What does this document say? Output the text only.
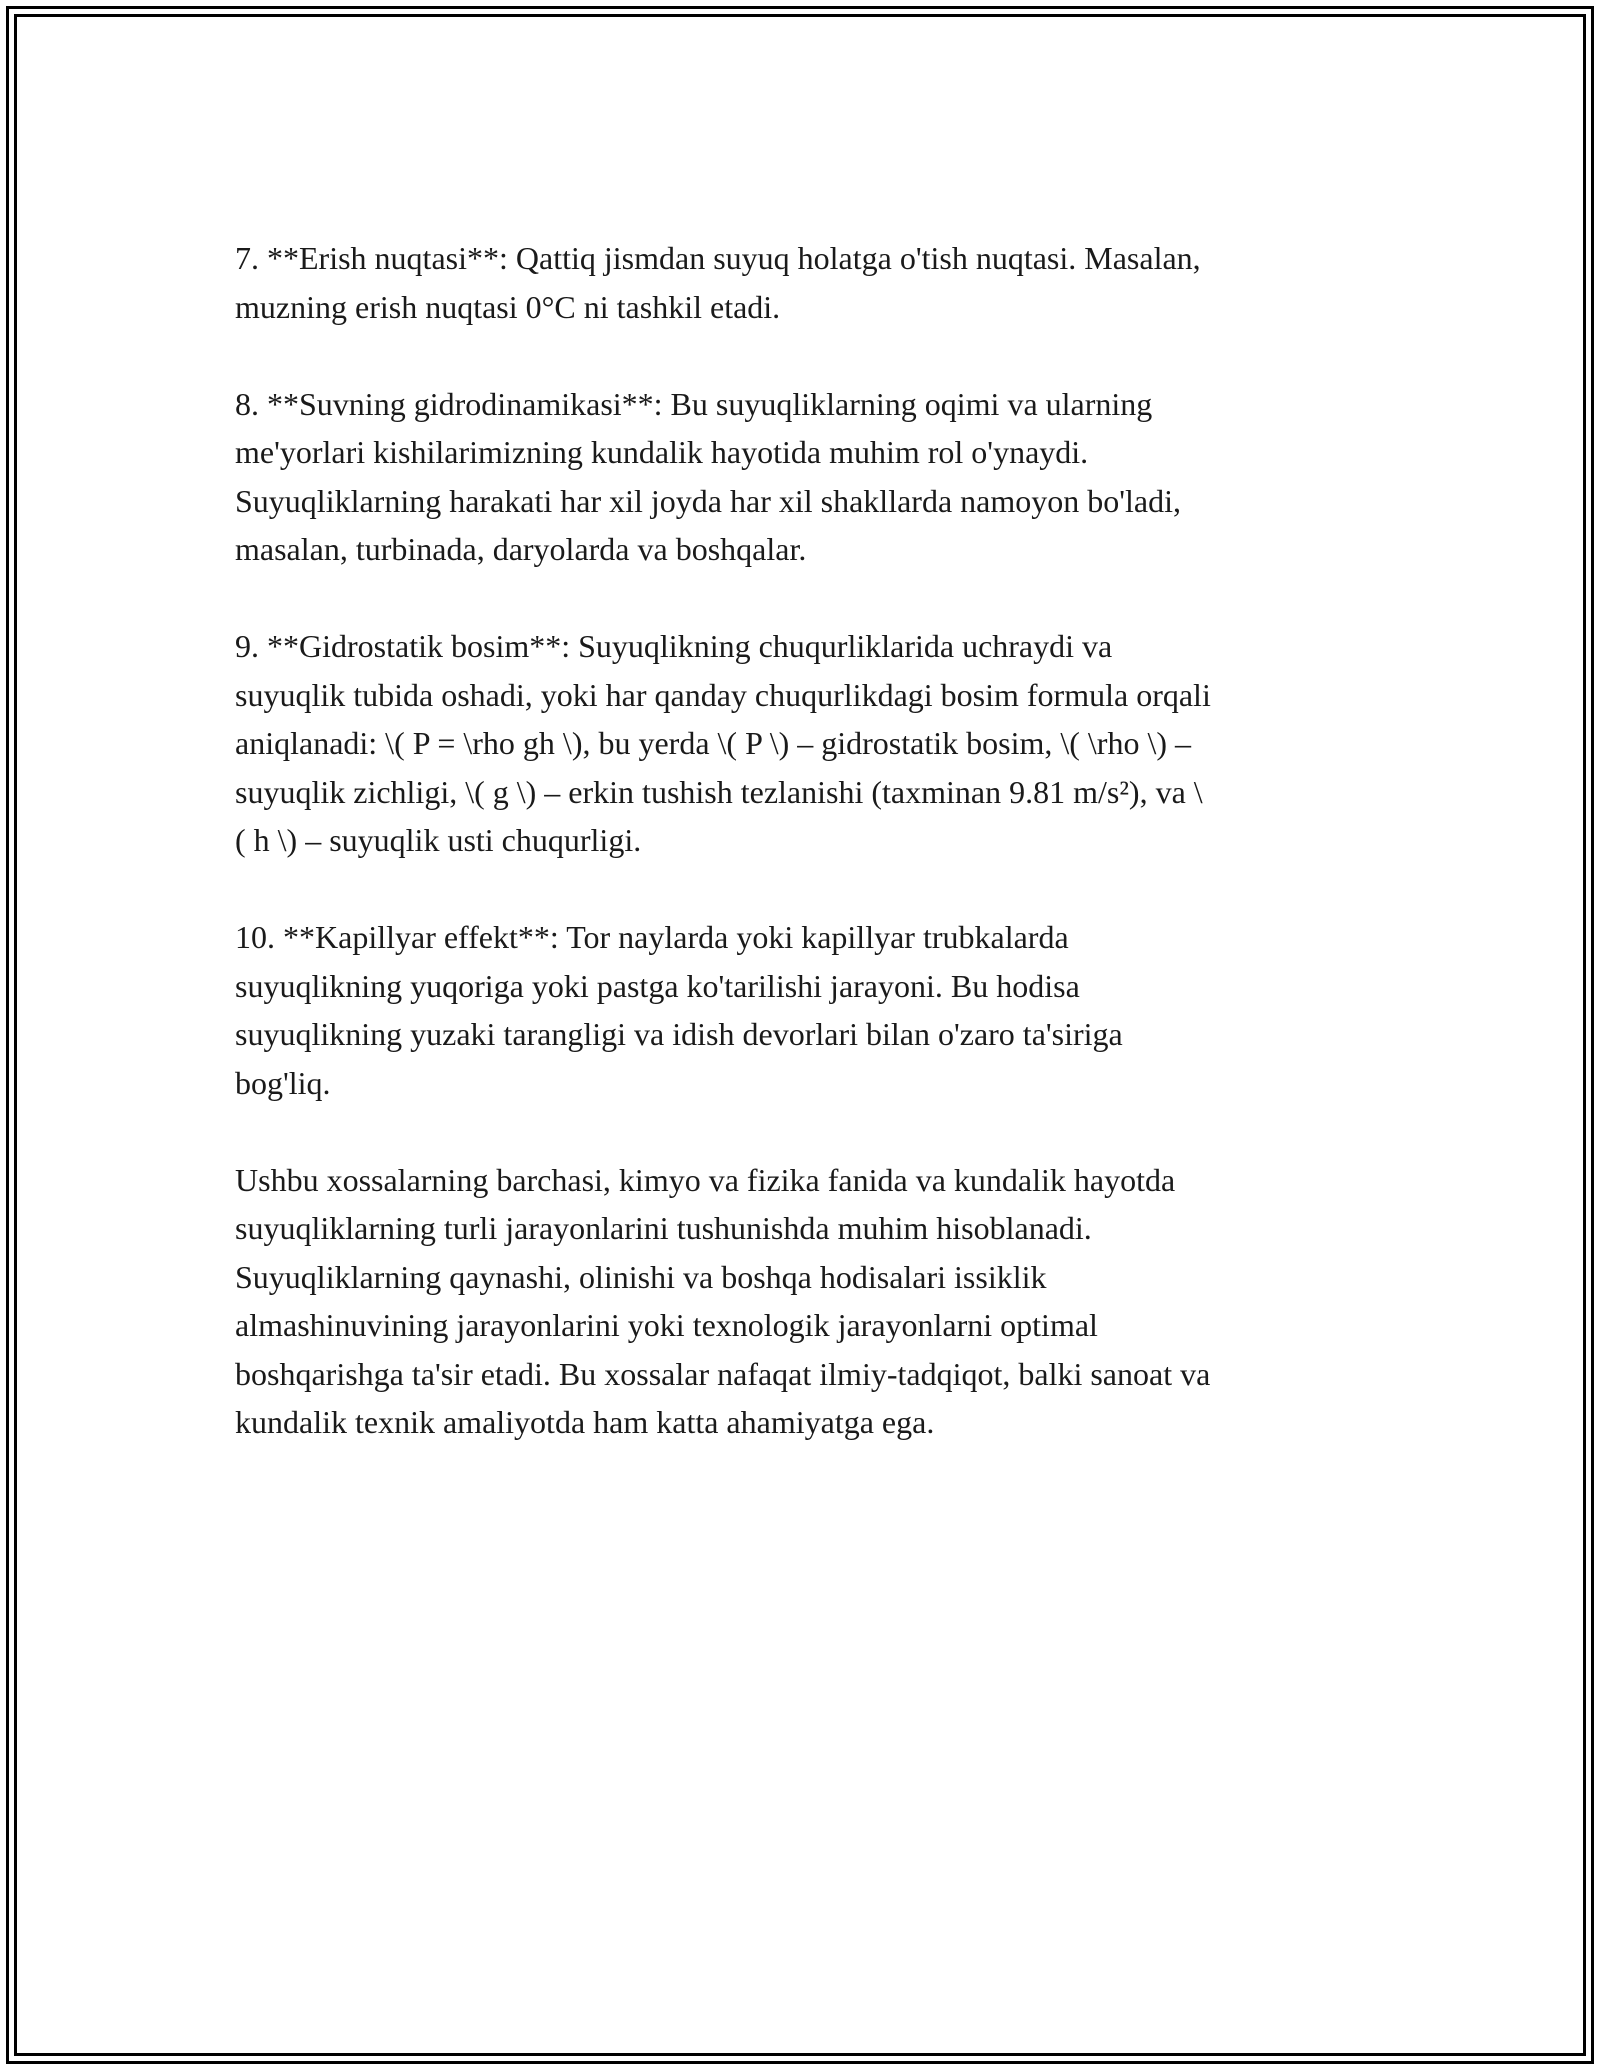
7. **Erish nuqtasi**: Qattiq jismdan suyuq holatga o'tish nuqtasi. Masalan,
muzning erish nuqtasi 0°C ni tashkil etadi.

8. **Suvning gidrodinamikasi**: Bu suyuqliklarning oqimi va ularning
me'yorlari kishilarimizning kundalik hayotida muhim rol o'ynaydi.
Suyuqliklarning harakati har xil joyda har xil shakllarda namoyon bo'ladi,
masalan, turbinada, daryolarda va boshqalar.

9. **Gidrostatik bosim**: Suyuqlikning chuqurliklarida uchraydi va
suyuqlik tubida oshadi, yoki har qanday chuqurlikdagi bosim formula orqali
aniqlanadi: \( P = \rho gh \), bu yerda \( P \) – gidrostatik bosim, \( \rho \) –
suyuqlik zichligi, \( g \) – erkin tushish tezlanishi (taxminan 9.81 m/s²), va \
( h \) – suyuqlik usti chuqurligi.

10. **Kapillyar effekt**: Tor naylarda yoki kapillyar trubkalarda
suyuqlikning yuqoriga yoki pastga ko'tarilishi jarayoni. Bu hodisa
suyuqlikning yuzaki tarangligi va idish devorlari bilan o'zaro ta'siriga
bog'liq.

Ushbu xossalarning barchasi, kimyo va fizika fanida va kundalik hayotda
suyuqliklarning turli jarayonlarini tushunishda muhim hisoblanadi.
Suyuqliklarning qaynashi, olinishi va boshqa hodisalari issiklik
almashinuvining jarayonlarini yoki texnologik jarayonlarni optimal
boshqarishga ta'sir etadi. Bu xossalar nafaqat ilmiy-tadqiqot, balki sanoat va
kundalik texnik amaliyotda ham katta ahamiyatga ega.
